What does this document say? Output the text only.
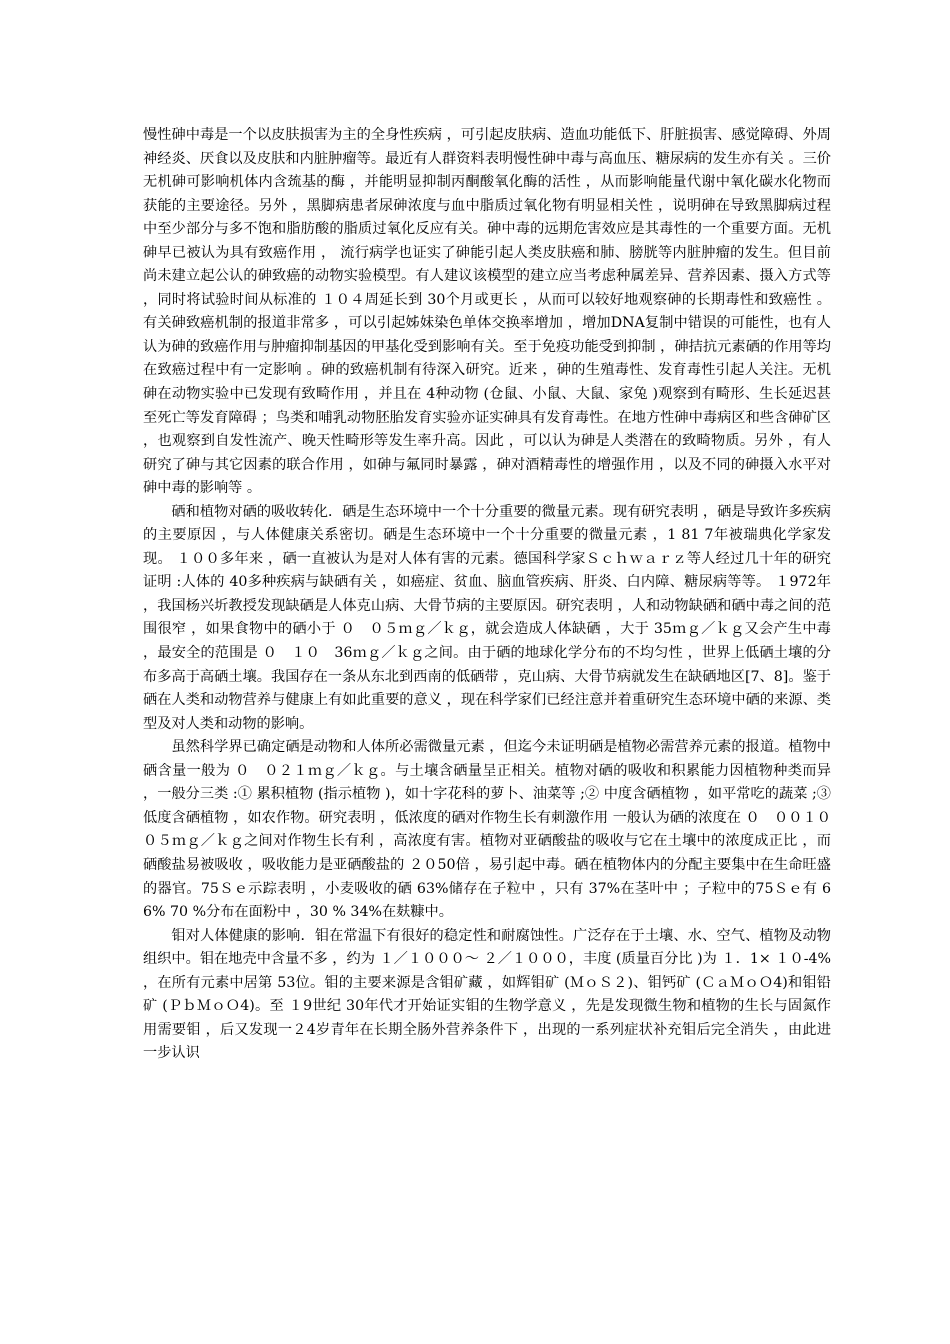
慢性砷中毒是一个以皮肤损害为主的全身性疾病 ，可引起皮肤病、造血功能低下、肝脏损害、感觉障碍、外周神经炎、厌食以及皮肤和内脏肿瘤等。最近有人群资料表明慢性砷中毒与高血压、糖尿病的发生亦有关 。三价无机砷可影响机体内含巯基的酶 ，并能明显抑制丙酮酸氧化酶的活性 ，从而影响能量代谢中氧化碳水化物而获能的主要途径。另外 ，黑脚病患者尿砷浓度与血中脂质过氧化物有明显相关性 ，说明砷在导致黑脚病过程中至少部分与多不饱和脂肪酸的脂质过氧化反应有关。砷中毒的远期危害效应是其毒性的一个重要方面。无机砷早已被认为具有致癌作用 ， 流行病学也证实了砷能引起人类皮肤癌和肺、膀胱等内脏肿瘤的发生。但目前尚未建立起公认的砷致癌的动物实验模型。有人建议该模型的建立应当考虑种属差异、营养因素、摄入方式等 ，同时将试验时间从标准的 １０４周延长到 30个月或更长 ，从而可以较好地观察砷的长期毒性和致癌性 。有关砷致癌机制的报道非常多 ，可以引起姊妹染色单体交换率增加 ，增加DNA复制中错误的可能性，也有人认为砷的致癌作用与肿瘤抑制基因的甲基化受到影响有关。至于免疫功能受到抑制 ，砷拮抗元素硒的作用等均在致癌过程中有一定影响 。砷的致癌机制有待深入研究。近来 ，砷的生殖毒性、发育毒性引起人关注。无机砷在动物实验中已发现有致畸作用 ，并且在 4种动物 (仓鼠、小鼠、大鼠、家兔 )观察到有畸形、生长延迟甚至死亡等发育障碍 ；鸟类和哺乳动物胚胎发育实验亦证实砷具有发育毒性。在地方性砷中毒病区和些含砷矿区 ，也观察到自发性流产、晚天性畸形等发生率升高。因此 ，可以认为砷是人类潜在的致畸物质。另外 ，有人研究了砷与其它因素的联合作用 ，如砷与氟同时暴露 ，砷对酒精毒性的增强作用 ，以及不同的砷摄入水平对砷中毒的影响等 。

硒和植物对硒的吸收转化．硒是生态环境中一个十分重要的微量元素。现有研究表明 ，硒是导致许多疾病的主要原因 ，与人体健康关系密切。硒是生态环境中一个十分重要的微量元素 ，1 81 7年被瑞典化学家发现。 １００多年来 ，硒一直被认为是对人体有害的元素。德国科学家Ｓｃｈｗａｒｚ等人经过几十年的研究证明 :人体的 40多种疾病与缺硒有关 ，如癌症、贫血、脑血管疾病、肝炎、白内障、糖尿病等等。 １972年 ，我国杨兴圻教授发现缺硒是人体克山病、大骨节病的主要原因。研究表明 ，人和动物缺硒和硒中毒之间的范围很窄 ，如果食物中的硒小于 ０　０５ｍｇ／ｋｇ，就会造成人体缺硒 ，大于 35ｍｇ／ｋｇ又会产生中毒 ，最安全的范围是 ０　１０　36ｍｇ／ｋｇ之间。由于硒的地球化学分布的不均匀性 ，世界上低硒土壤的分布多高于高硒土壤。我国存在一条从东北到西南的低硒带 ，克山病、大骨节病就发生在缺硒地区[7、8]。鉴于硒在人类和动物营养与健康上有如此重要的意义 ，现在科学家们已经注意并着重研究生态环境中硒的来源、类型及对人类和动物的影响。

虽然科学界已确定硒是动物和人体所必需微量元素 ，但迄今未证明硒是植物必需营养元素的报道。植物中硒含量一般为 ０　０２１ｍｇ／ｋｇ。与土壤含硒量呈正相关。植物对硒的吸收和积累能力因植物种类而异 ，一般分三类 :① 累积植物 (指示植物 )，如十字花科的萝卜、油菜等 ;② 中度含硒植物 ，如平常吃的蔬菜 ;③ 低度含硒植物 ，如农作物。研究表明 ，低浓度的硒对作物生长有刺激作用 一般认为硒的浓度在 ０　００１０　０５ｍｇ／ｋｇ之间对作物生长有利 ，高浓度有害。植物对亚硒酸盐的吸收与它在土壤中的浓度成正比 ，而硒酸盐易被吸收 ，吸收能力是亚硒酸盐的 ２０50倍 ，易引起中毒。硒在植物体内的分配主要集中在生命旺盛的器官。75Ｓｅ示踪表明 ，小麦吸收的硒 63%储存在子粒中 ，只有 37%在茎叶中 ；子粒中的75Ｓｅ有 66% 70 %分布在面粉中 ，30 % 34%在麸糠中。

钼对人体健康的影响．钼在常温下有很好的稳定性和耐腐蚀性。广泛存在于土壤、水、空气、植物及动物组织中。钼在地壳中含量不多 ，约为 １／１０００～ ２／１０００，丰度 (质量百分比 )为 １．1× １０-4% ，在所有元素中居第 53位。钼的主要来源是含钼矿藏 ，如辉钼矿 (ＭｏＳ２)、钼钙矿 (ＣａＭｏＯ4)和钼铅矿 (ＰｂＭｏＯ4)。至 １9世纪 30年代才开始证实钼的生物学意义 ，先是发现微生物和植物的生长与固氮作用需要钼 ，后又发现一２4岁青年在长期全肠外营养条件下 ，出现的一系列症状补充钼后完全消失 ，由此进一步认识
